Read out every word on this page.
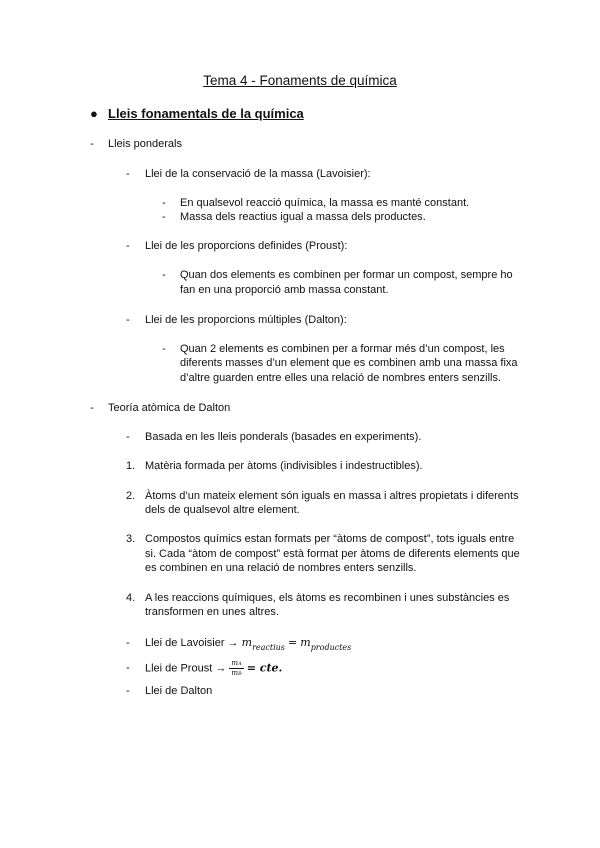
Tema 4 - Fonaments de química
● Lleis fonamentals de la química
- Lleis ponderals
- Llei de la conservació de la massa (Lavoisier):
- En qualsevol reacció química, la massa es manté constant.
- Massa dels reactius igual a massa dels productes.
- Llei de les proporcions definides (Proust):
- Quan dos elements es combinen per formar un compost, sempre ho
fan en una proporció amb massa constant.
- Llei de les proporcions múltiples (Dalton):
- Quan 2 elements es combinen per a formar més d’un compost, les
diferents masses d’un element que es combinen amb una massa fixa
d’altre guarden entre elles una relació de nombres enters senzills.
- Teoría atòmica de Dalton
- Basada en les lleis ponderals (basades en experiments).
1. Matèria formada per àtoms (indivisibles i indestructibles).
2. Àtoms d’un mateix element són iguals en massa i altres propietats i diferents
dels de qualsevol altre element.
3. Compostos químics estan formats per “àtoms de compost”, tots iguals entre
si. Cada “àtom de compost” està format per àtoms de diferents elements que
es combinen en una relació de nombres enters senzills.
4. A les reaccions químiques, els àtoms es recombinen i unes substàncies es
transformen en unes altres.
- Llei de Lavoisier → $m_{reactius} = m_{productes}$
- Llei de Proust → $\frac{mA}{mB}$ = cte.
- Llei de Dalton
